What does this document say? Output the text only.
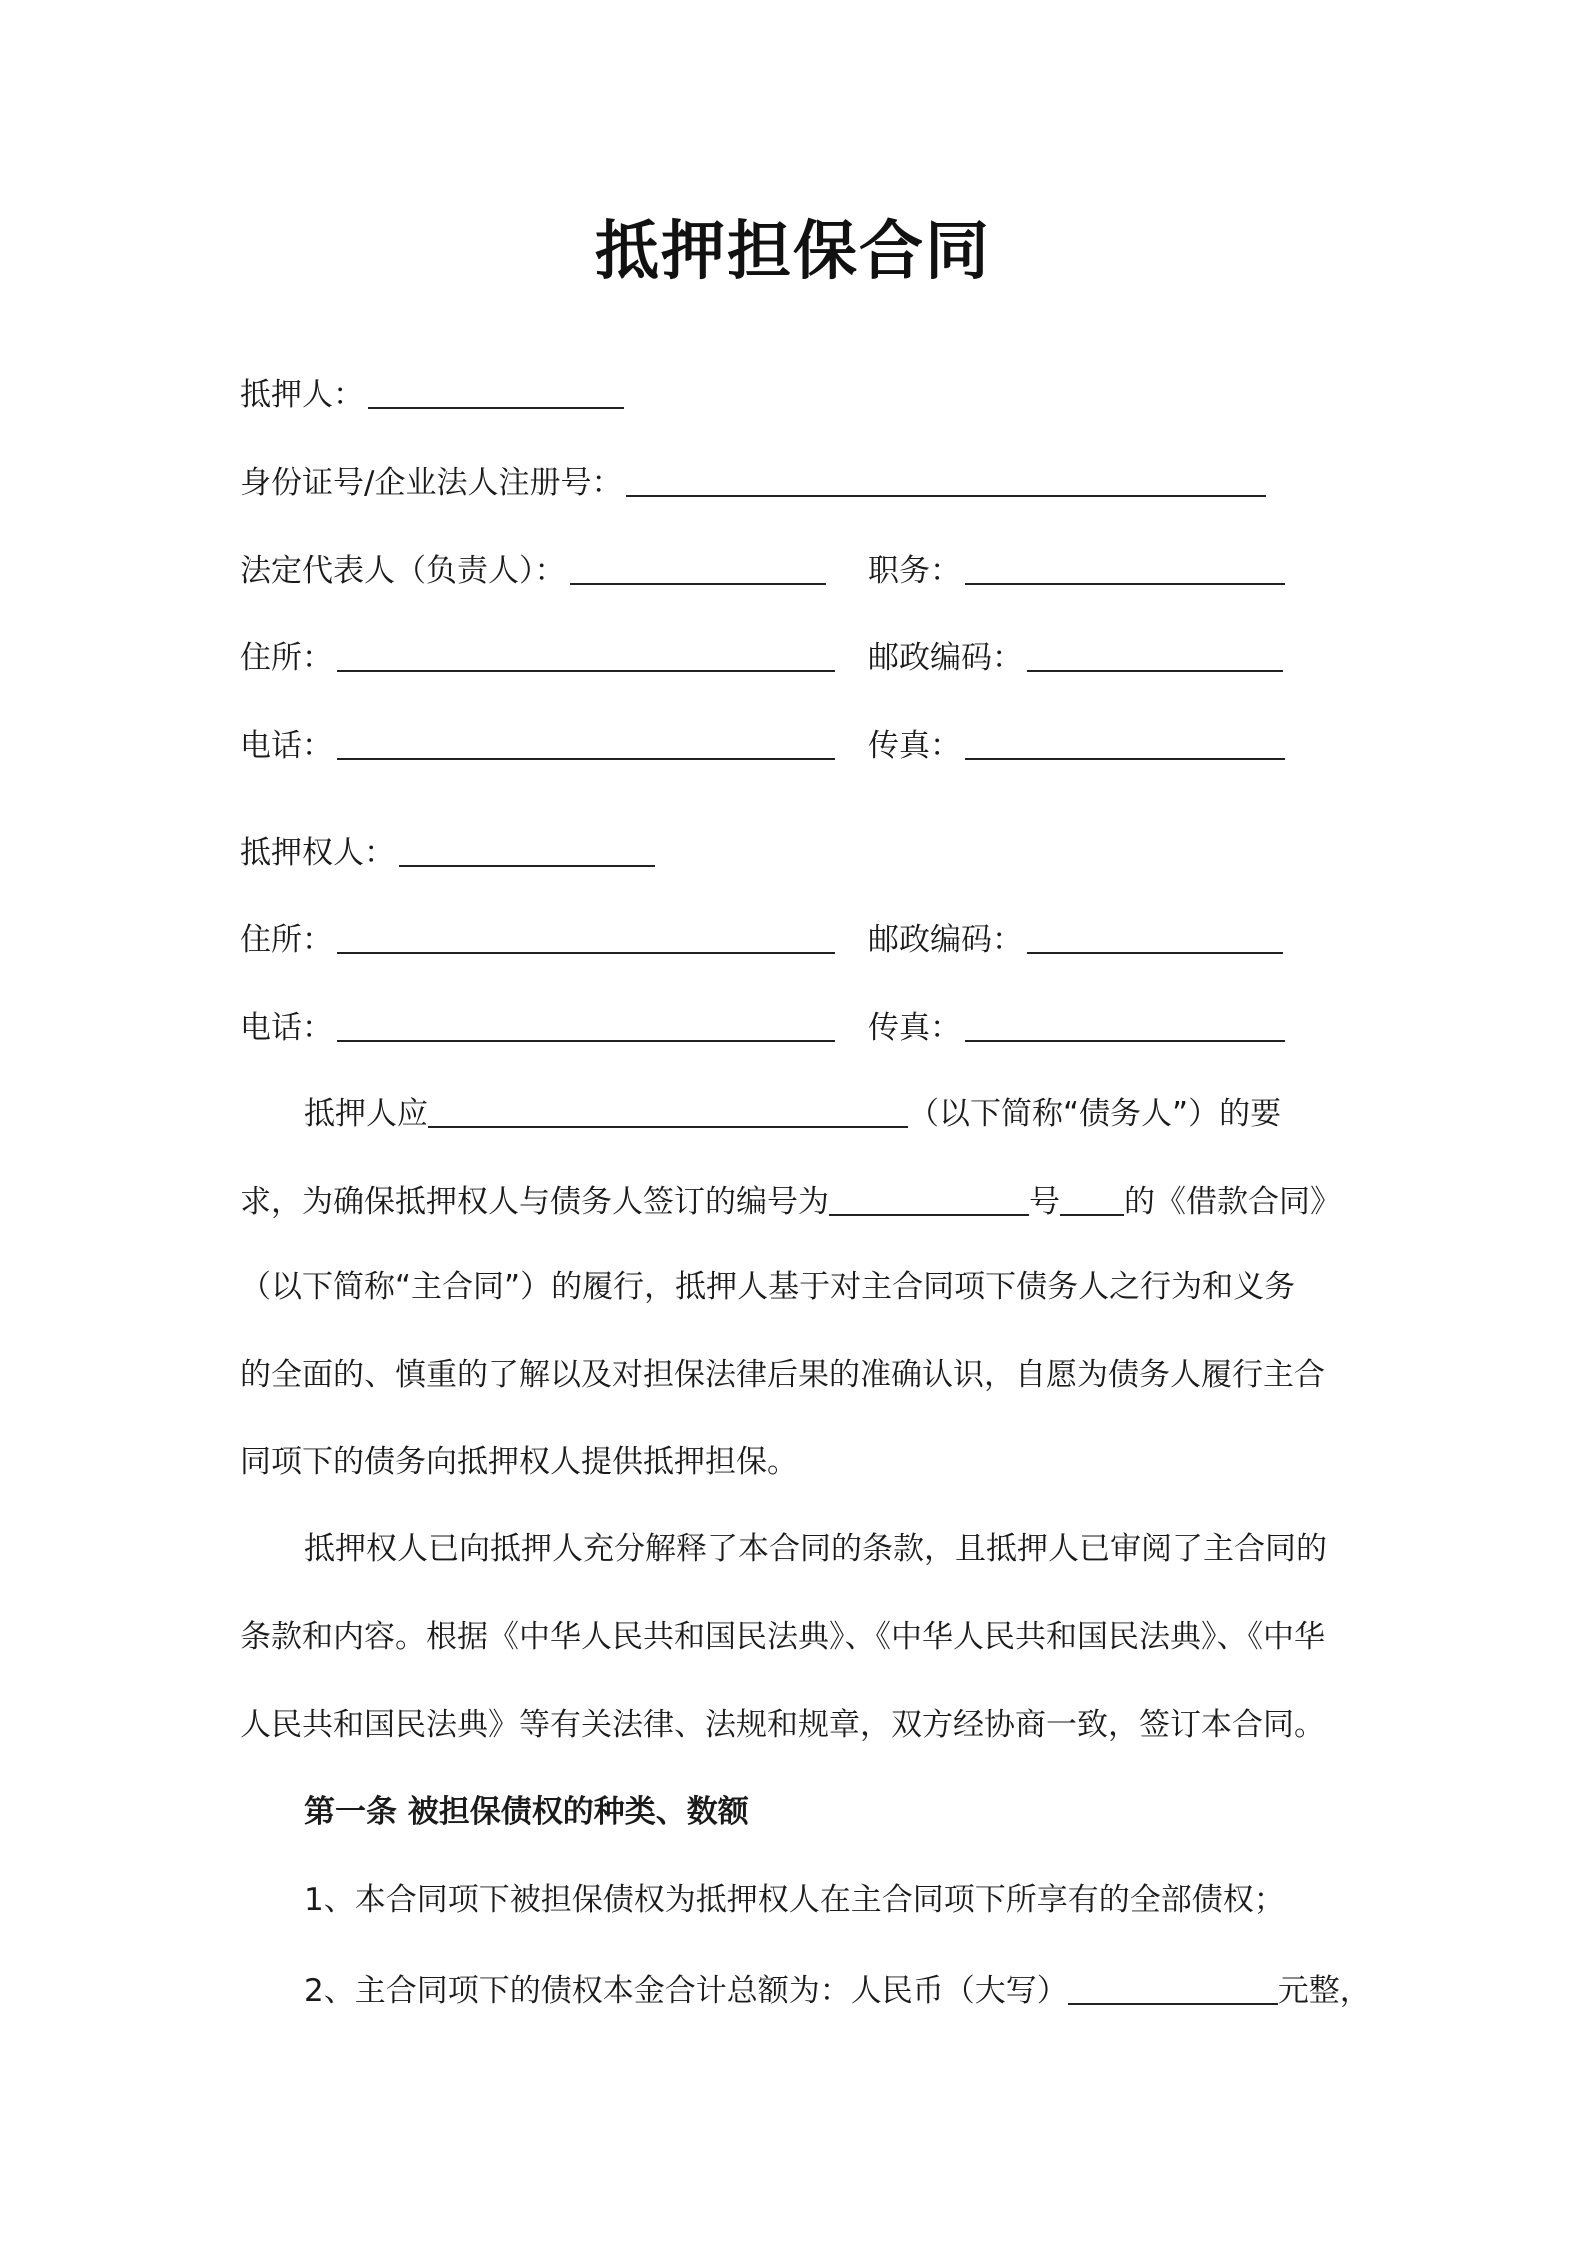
抵押担保合同
抵押人：
身份证号/企业法人注册号：
法定代表人（负责人）：	职务：
住所：	邮政编码：
电话：	传真：
抵押权人：
住所：	邮政编码：
电话：	传真：
抵押人应	（以下简称“债务人”）的要
求，为确保抵押权人与债务人签订的编号为	号 的《借款合同》
（以下简称“主合同”）的履行，抵押人基于对主合同项下债务人之行为和义务
的全面的、慎重的了解以及对担保法律后果的准确认识，自愿为债务人履行主合
同项下的债务向抵押权人提供抵押担保。
抵押权人已向抵押人充分解释了本合同的条款，且抵押人已审阅了主合同的
条款和内容。根据《中华人民共和国民法典》、《中华人民共和国民法典》、《中华
人民共和国民法典》等有关法律、法规和规章，双方经协商一致，签订本合同。
第一条 被担保债权的种类、数额
1、本合同项下被担保债权为抵押权人在主合同项下所享有的全部债权；
2、主合同项下的债权本金合计总额为：人民币（大写）	元整，
